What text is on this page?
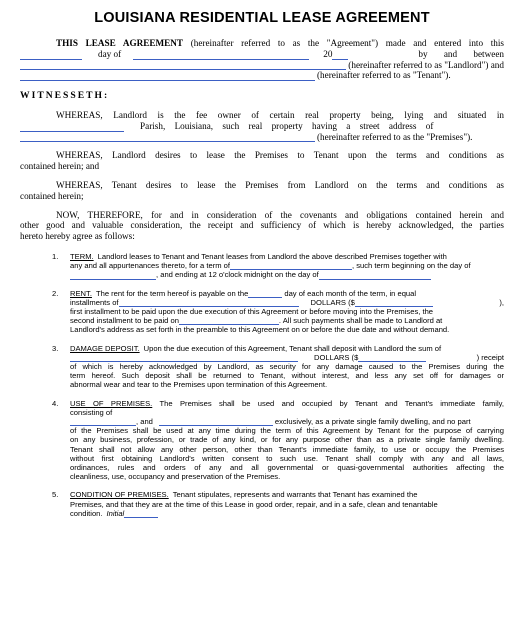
LOUISIANA RESIDENTIAL LEASE AGREEMENT
THIS LEASE AGREEMENT (hereinafter referred to as the "Agreement") made and entered into this
day of	20	by and between
(hereinafter referred to as "Landlord") and
(hereinafter referred to as "Tenant").
WITNESSETH:
WHEREAS, Landlord is the fee owner of certain real property being, lying and situated in
Parish, Louisiana, such real property having a street address of
(hereinafter referred to as the "Premises").
WHEREAS, Landlord desires to lease the Premises to Tenant upon the terms and conditions as
contained herein; and
WHEREAS, Tenant desires to lease the Premises from Landlord on the terms and conditions as
contained herein;
NOW, THEREFORE, for and in consideration of the covenants and obligations contained herein and
other good and valuable consideration, the receipt and sufficiency of which is hereby acknowledged, the parties
hereto hereby agree as follows:
1.	TERM. Landlord leases to Tenant and Tenant leases from Landlord the above described Premises together with
any and all appurtenances thereto, for a term of	, such term beginning on the day of
, and ending at 12 o'clock midnight on the day of
2.	RENT. The rent for the term hereof is payable on the	day of each month of the term, in equal
installments of	DOLLARS ($	),
first installment to be paid upon the due execution of this Agreement or before moving into the Premises, the
second installment to be paid on	. All such payments shall be made to Landlord at
Landlord's address as set forth in the preamble to this Agreement on or before the due date and without demand.
3.	DAMAGE DEPOSIT. Upon the due execution of this Agreement, Tenant shall deposit with Landlord the sum of
DOLLARS ($	) receipt
of which is hereby acknowledged by Landlord, as security for any damage caused to the Premises during the
term hereof. Such deposit shall be returned to Tenant, without interest, and less any set off for damages or
abnormal wear and tear to the Premises upon termination of this Agreement.
4.	USE OF PREMISES. The Premises shall be used and occupied by Tenant and Tenant's immediate family,
consisting of
, and	exclusively, as a private single family dwelling, and no part
of the Premises shall be used at any time during the term of this Agreement by Tenant for the purpose of carrying
on any business, profession, or trade of any kind, or for any purpose other than as a private single family dwelling.
Tenant shall not allow any other person, other than Tenant's immediate family, to use or occupy the Premises
without first obtaining Landlord's written consent to such use. Tenant shall comply with any and all laws,
ordinances, rules and orders of any and all governmental or quasi-governmental authorities affecting the
cleanliness, use, occupancy and preservation of the Premises.
5.	CONDITION OF PREMISES. Tenant stipulates, represents and warrants that Tenant has examined the
Premises, and that they are at the time of this Lease in good order, repair, and in a safe, clean and tenantable
condition. Initial
